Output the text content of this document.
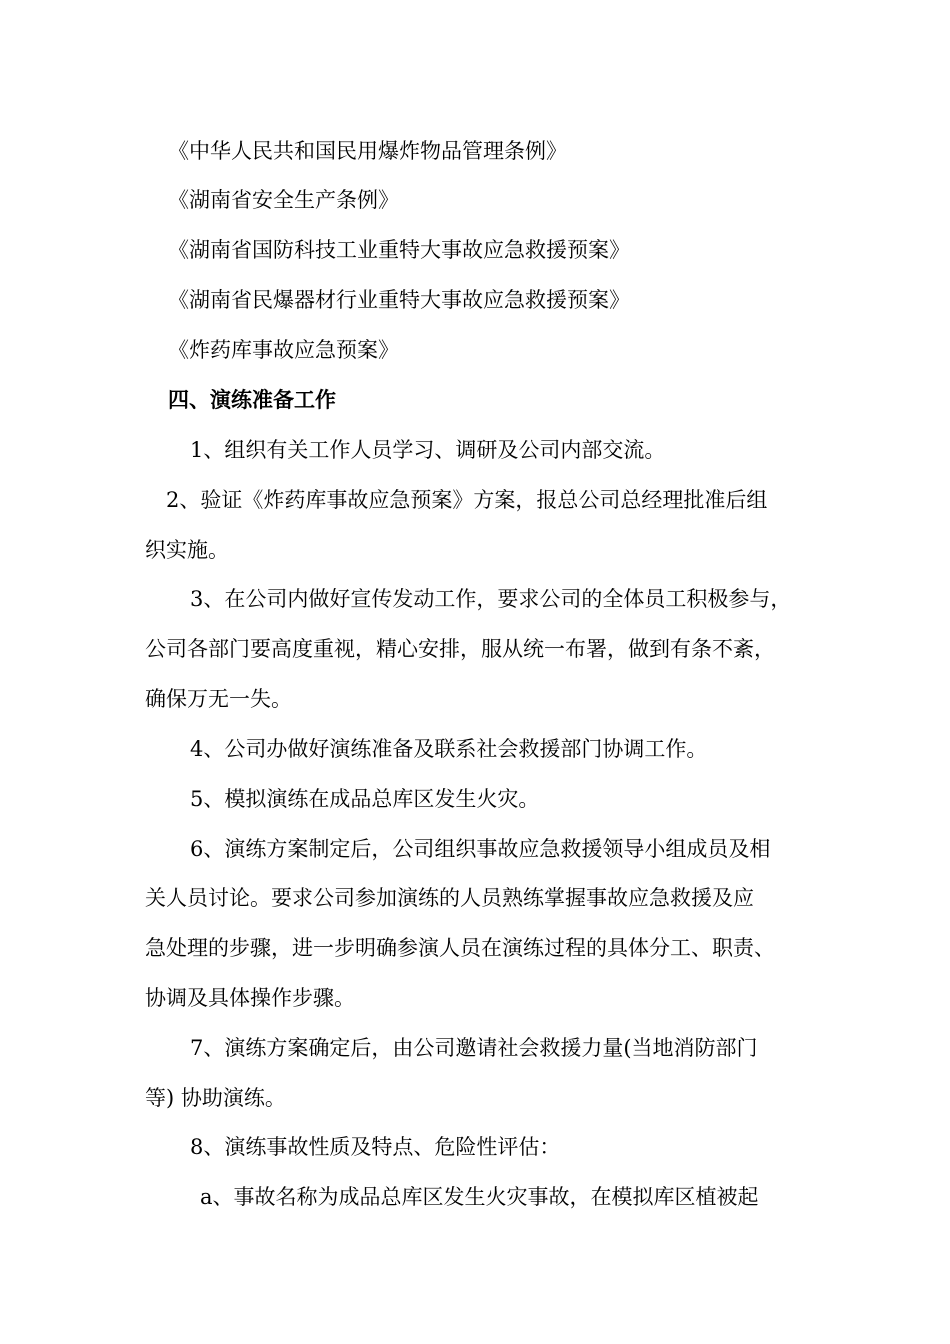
《中华人民共和国民用爆炸物品管理条例》
《湖南省安全生产条例》
《湖南省国防科技工业重特大事故应急救援预案》
《湖南省民爆器材行业重特大事故应急救援预案》
《炸药库事故应急预案》
四、演练准备工作
1、组织有关工作人员学习、调研及公司内部交流。
2、验证《炸药库事故应急预案》方案，报总公司总经理批准后组
织实施。
3、在公司内做好宣传发动工作，要求公司的全体员工积极参与，
公司各部门要高度重视，精心安排，服从统一布署，做到有条不紊，
确保万无一失。
4、公司办做好演练准备及联系社会救援部门协调工作。
5、模拟演练在成品总库区发生火灾。
6、演练方案制定后，公司组织事故应急救援领导小组成员及相
关人员讨论。要求公司参加演练的人员熟练掌握事故应急救援及应
急处理的步骤，进一步明确参演人员在演练过程的具体分工、职责、
协调及具体操作步骤。
7、演练方案确定后，由公司邀请社会救援力量(当地消防部门
等) 协助演练。
8、演练事故性质及特点、危险性评估：
a、事故名称为成品总库区发生火灾事故，在模拟库区植被起
